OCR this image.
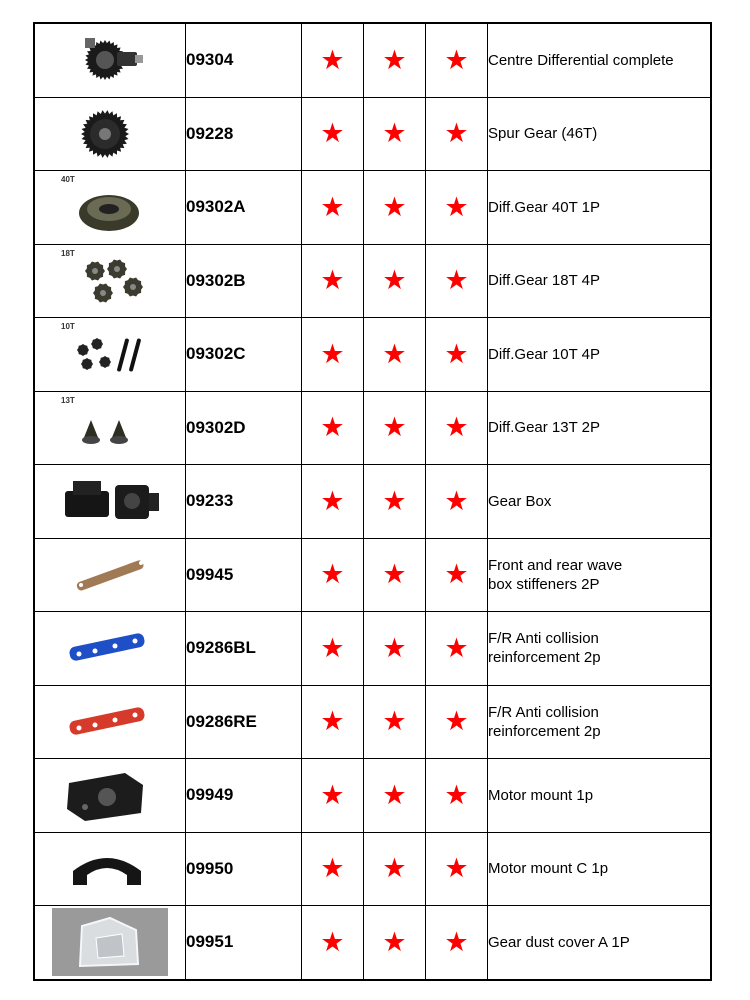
	09304	★	★	★	Centre Differential complete

	09228	★	★	★	Spur Gear (46T)

40T	09302A	★	★	★	Diff.Gear 40T 1P

18T	09302B	★	★	★	Diff.Gear 18T 4P

10T	09302C	★	★	★	Diff.Gear 10T 4P

13T	09302D	★	★	★	Diff.Gear 13T 2P

	09233	★	★	★	Gear Box

	09945	★	★	★	Front and rear wave
box stiffeners 2P

	09286BL	★	★	★	F/R Anti collision
reinforcement 2p

	09286RE	★	★	★	F/R Anti collision
reinforcement 2p

	09949	★	★	★	Motor mount 1p

	09950	★	★	★	Motor mount C 1p

	09951	★	★	★	Gear dust cover A 1P
